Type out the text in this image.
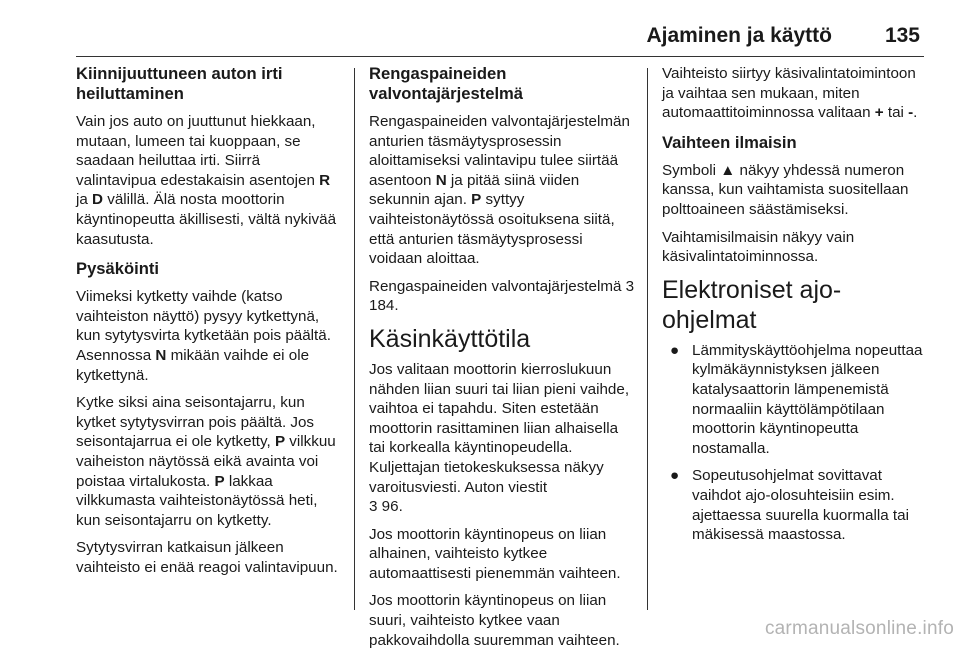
Ajaminen ja käyttö	135
Kiinnijuuttuneen auton irti
heiluttaminen

Vain jos auto on juuttunut hiekkaan, mutaan, lumeen tai kuoppaan, se saadaan heiluttaa irti. Siirrä valintavipua edestakaisin asentojen R ja D välillä. Älä nosta moottorin käyntinopeutta äkillisesti, vältä nykivää kaasutusta.

Pysäköinti

Viimeksi kytketty vaihde (katso vaihteiston näyttö) pysyy kytkettynä, kun sytytysvirta kytketään pois päältä. Asennossa N mikään vaihde ei ole kytkettynä.

Kytke siksi aina seisontajarru, kun kytket sytytysvirran pois päältä. Jos seisontajarrua ei ole kytketty, P vilkkuu vaiheiston näytössä eikä avainta voi poistaa virtalukosta. P lakkaa vilkkumasta vaihteistonäytössä heti, kun seisontajarru on kytketty.

Sytytysvirran katkaisun jälkeen vaihteisto ei enää reagoi valintavipuun.

Rengaspaineiden
valvontajärjestelmä

Rengaspaineiden valvontajärjestelmän anturien täsmäytysprosessin aloittamiseksi valintavipu tulee siirtää asentoon N ja pitää siinä viiden sekunnin ajan. P syttyy vaihteistonäytössä osoituksena siitä, että anturien täsmäytysprosessi voidaan aloittaa.

Rengaspaineiden valvontajärjestelmä 3 184.

Käsinkäyttötila

Jos valitaan moottorin kierroslukuun nähden liian suuri tai liian pieni vaihde, vaihtoa ei tapahdu. Siten estetään moottorin rasittaminen liian alhaisella tai korkealla käyntinopeudella. Kuljettajan tietokeskuksessa näkyy varoitusviesti. Auton viestit
3 96.

Jos moottorin käyntinopeus on liian alhainen, vaihteisto kytkee automaattisesti pienemmän vaihteen.

Jos moottorin käyntinopeus on liian suuri, vaihteisto kytkee vaan pakkovaihdolla suuremman vaihteen.

Vaihteisto siirtyy käsivalintatoimintoon ja vaihtaa sen mukaan, miten automaattitoiminnossa valitaan + tai -.

Vaihteen ilmaisin

Symboli ▲ näkyy yhdessä numeron kanssa, kun vaihtamista suositellaan polttoaineen säästämiseksi.

Vaihtamisilmaisin näkyy vain käsivalintatoiminnossa.

Elektroniset ajo-ohjelmat
● Lämmityskäyttöohjelma nopeuttaa kylmäkäynnistyksen jälkeen katalysaattorin lämpenemistä normaaliin käyttölämpötilaan moottorin käyntinopeutta nostamalla.
● Sopeutusohjelmat sovittavat vaihdot ajo-olosuhteisiin esim. ajettaessa suurella kuormalla tai mäkisessä maastossa.
carmanualsonline.info
